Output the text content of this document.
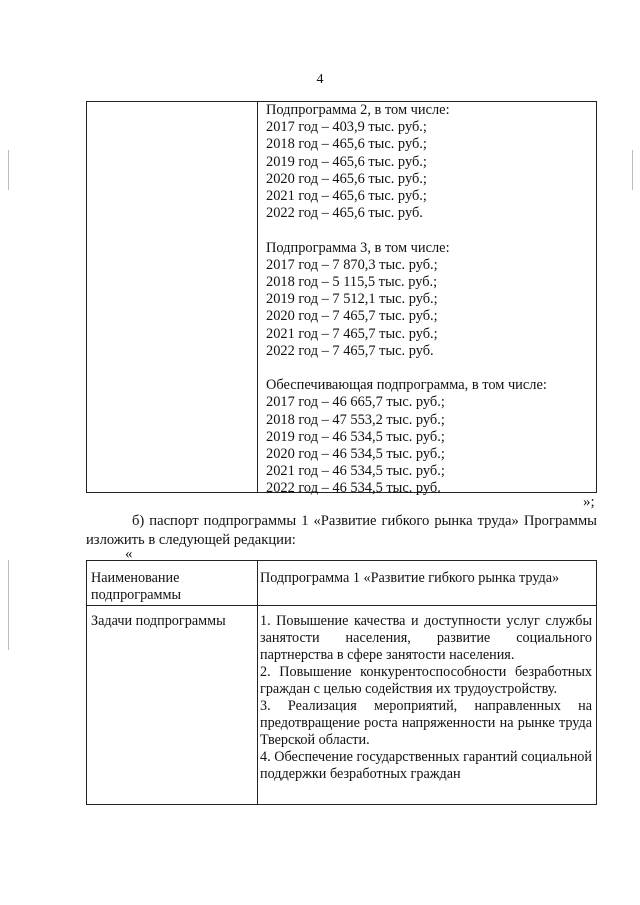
4
Подпрограмма 2, в том числе:
2017 год – 403,9 тыс. руб.;
2018 год – 465,6 тыс. руб.;
2019 год – 465,6 тыс. руб.;
2020 год – 465,6 тыс. руб.;
2021 год – 465,6 тыс. руб.;
2022 год – 465,6 тыс. руб.
Подпрограмма 3, в том числе:
2017 год – 7 870,3 тыс. руб.;
2018 год – 5 115,5 тыс. руб.;
2019 год – 7 512,1 тыс. руб.;
2020 год – 7 465,7 тыс. руб.;
2021 год – 7 465,7 тыс. руб.;
2022 год – 7 465,7 тыс. руб.
Обеспечивающая подпрограмма, в том числе:
2017 год – 46 665,7 тыс. руб.;
2018 год – 47 553,2 тыс. руб.;
2019 год – 46 534,5 тыс. руб.;
2020 год – 46 534,5 тыс. руб.;
2021 год – 46 534,5 тыс. руб.;
2022 год – 46 534,5 тыс. руб.
»;
б) паспорт подпрограммы 1 «Развитие гибкого рынка труда» Программы изложить в следующей редакции:
«
Наименование подпрограммы
Подпрограмма 1 «Развитие гибкого рынка труда»
Задачи подпрограммы	1. Повышение качества и доступности услуг службы занятости населения, развитие социального партнерства в сфере занятости населения.

2. Повышение конкурентоспособности безработных граждан с целью содействия их трудоустройству.

3. Реализация мероприятий, направленных на предотвращение роста напряженности на рынке труда Тверской области.

4. Обеспечение государственных гарантий социальной поддержки безработных граждан
